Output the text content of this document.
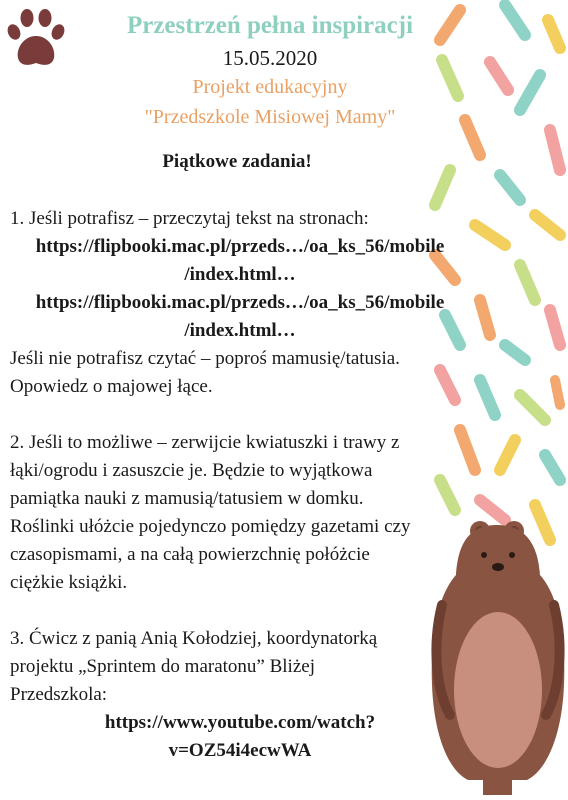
Przestrzeń pełna inspiracji
15.05.2020
Projekt edukacyjny
"Przedszkole Misiowej Mamy"
Piątkowe zadania!

1. Jeśli potrafisz – przeczytaj tekst na stronach:

https://flipbooki.mac.pl/przeds…/oa_ks_56/mobile

/index.html…

https://flipbooki.mac.pl/przeds…/oa_ks_56/mobile

/index.html…

Jeśli nie potrafisz czytać – poproś mamusię/tatusia.

Opowiedz o majowej łące.

2. Jeśli to możliwe – zerwijcie kwiatuszki i trawy z

łąki/ogrodu i zasuszcie je. Będzie to wyjątkowa

pamiątka nauki z mamusią/tatusiem w domku.

Roślinki ułóżcie pojedynczo pomiędzy gazetami czy

czasopismami, a na całą powierzchnię połóżcie

ciężkie książki.

3. Ćwicz z panią Anią Kołodziej, koordynatorką

projektu „Sprintem do maratonu” Bliżej

Przedszkola:

https://www.youtube.com/watch?

v=OZ54i4ecwWA
